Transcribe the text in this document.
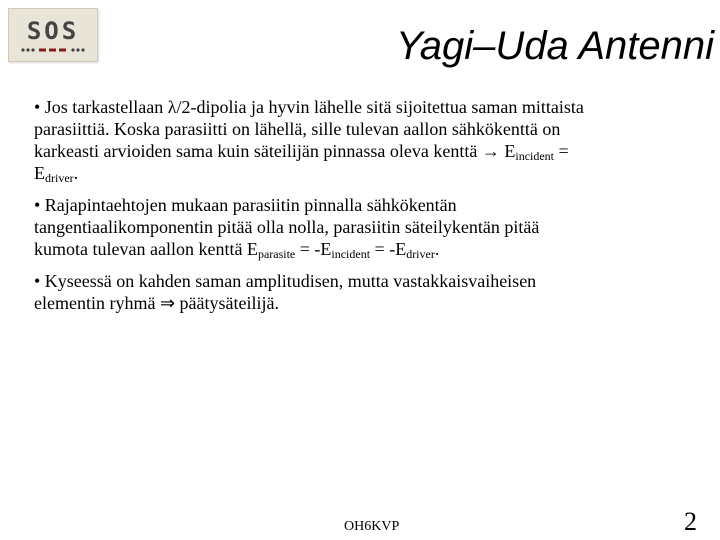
SOS	Yagi–Uda Antenni

• Jos tarkastellaan λ/2-dipolia ja hyvin lähelle sitä sijoitettua saman mittaista parasiittiä. Koska parasiitti on lähellä, sille tulevan aallon sähkökenttä on karkeasti arvioiden sama kuin säteilijän pinnassa oleva kenttä → $E_{incident} = E_{driver}$.

• Rajapintaehtojen mukaan parasiitin pinnalla sähkökentän tangentiaalikomponentin pitää olla nolla, parasiitin säteilykentän pitää kumota tulevan aallon kenttä $E_{parasite} = -E_{incident} = -E_{driver}$.

• Kyseessä on kahden saman amplitudisen, mutta vastakkaisvaiheisen elementin ryhmä ⇒ päätysäteilijä.

OH6KVP	2
